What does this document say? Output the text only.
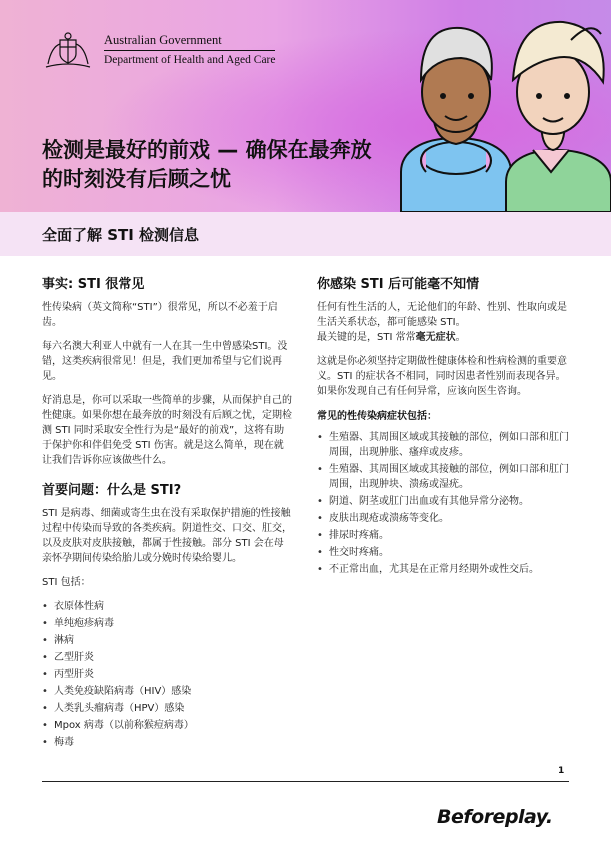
Australian Government
Department of Health and Aged Care
检测是最好的前戏 — 确保在最奔放的时刻没有后顾之忧
全面了解 STI 检测信息
事实: STI 很常见

性传染病（英文简称“STI”）很常见，所以不必羞于启齿。

每六名澳大利亚人中就有一人在其一生中曾感染STI。没错，这类疾病很常见！但是，我们更加希望与它们说再见。

好消息是，你可以采取一些简单的步骤，从而保护自己的性健康。如果你想在最奔放的时刻没有后顾之忧，定期检测 STI 同时采取安全性行为是“最好的前戏”，这将有助于保护你和伴侣免受 STI 伤害。就是这么简单，现在就让我们告诉你应该做些什么。

首要问题：什么是 STI?

STI 是病毒、细菌或寄生虫在没有采取保护措施的性接触过程中传染而导致的各类疾病。阴道性交、口交、肛交，以及皮肤对皮肤接触，都属于性接触。部分 STI 会在母亲怀孕期间传染给胎儿或分娩时传染给婴儿。

STI 包括：

• 衣原体性病
• 单纯疱疹病毒
• 淋病
• 乙型肝炎
• 丙型肝炎
• 人类免疫缺陷病毒（HIV）感染
• 人类乳头瘤病毒（HPV）感染
• Mpox 病毒（以前称猴痘病毒）
• 梅毒
你感染 STI 后可能毫不知情

任何有性生活的人，无论他们的年龄、性别、性取向或是生活关系状态，都可能感染 STI。
最关键的是，STI 常常毫无症状。

这就是你必须坚持定期做性健康体检和性病检测的重要意义。STI 的症状各不相同，同时因患者性别而表现各异。如果你发现自己有任何异常，应该向医生咨询。

常见的性传染病症状包括：
• 生殖器、其周围区域或其接触的部位，例如口部和肛门周围，出现肿胀、瘙痒或皮疹。
• 生殖器、其周围区域或其接触的部位，例如口部和肛门周围，出现肿块、溃疡或湿疣。
• 阴道、阴茎或肛门出血或有其他异常分泌物。
• 皮肤出现疮或溃疡等变化。
• 排尿时疼痛。
• 性交时疼痛。
• 不正常出血，尤其是在正常月经期外或性交后。
1
Beforeplay.
